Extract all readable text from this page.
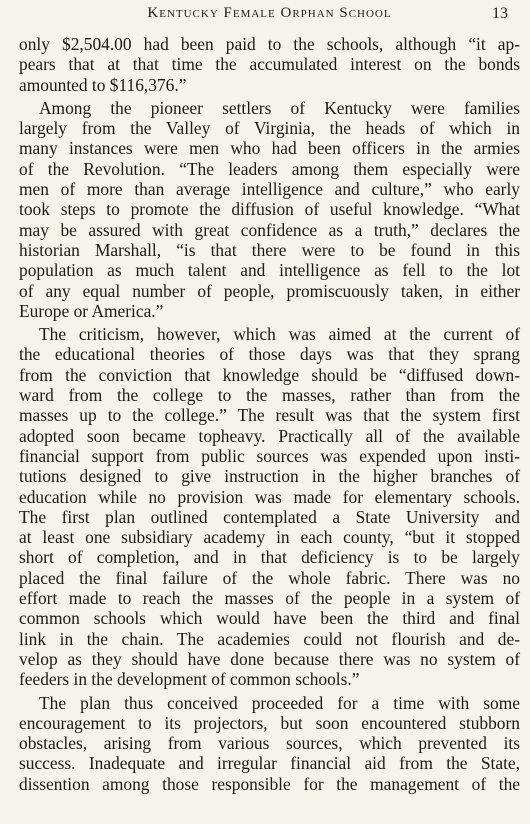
Kentucky Female Orphan School	13
only $2,504.00 had been paid to the schools, although “it ap-
pears that at that time the accumulated interest on the bonds
amounted to $116,376.”
Among the pioneer settlers of Kentucky were families
largely from the Valley of Virginia, the heads of which in
many instances were men who had been officers in the armies
of the Revolution. “The leaders among them especially were
men of more than average intelligence and culture,” who early
took steps to promote the diffusion of useful knowledge. “What
may be assured with great confidence as a truth,” declares the
historian Marshall, “is that there were to be found in this
population as much talent and intelligence as fell to the lot
of any equal number of people, promiscuously taken, in either
Europe or America.”
The criticism, however, which was aimed at the current of
the educational theories of those days was that they sprang
from the conviction that knowledge should be “diffused down-
ward from the college to the masses, rather than from the
masses up to the college.” The result was that the system first
adopted soon became topheavy. Practically all of the available
financial support from public sources was expended upon insti-
tutions designed to give instruction in the higher branches of
education while no provision was made for elementary schools.
The first plan outlined contemplated a State University and
at least one subsidiary academy in each county, “but it stopped
short of completion, and in that deficiency is to be largely
placed the final failure of the whole fabric. There was no
effort made to reach the masses of the people in a system of
common schools which would have been the third and final
link in the chain. The academies could not flourish and de-
velop as they should have done because there was no system of
feeders in the development of common schools.”
The plan thus conceived proceeded for a time with some
encouragement to its projectors, but soon encountered stubborn
obstacles, arising from various sources, which prevented its
success. Inadequate and irregular financial aid from the State,
dissention among those responsible for the management of the
